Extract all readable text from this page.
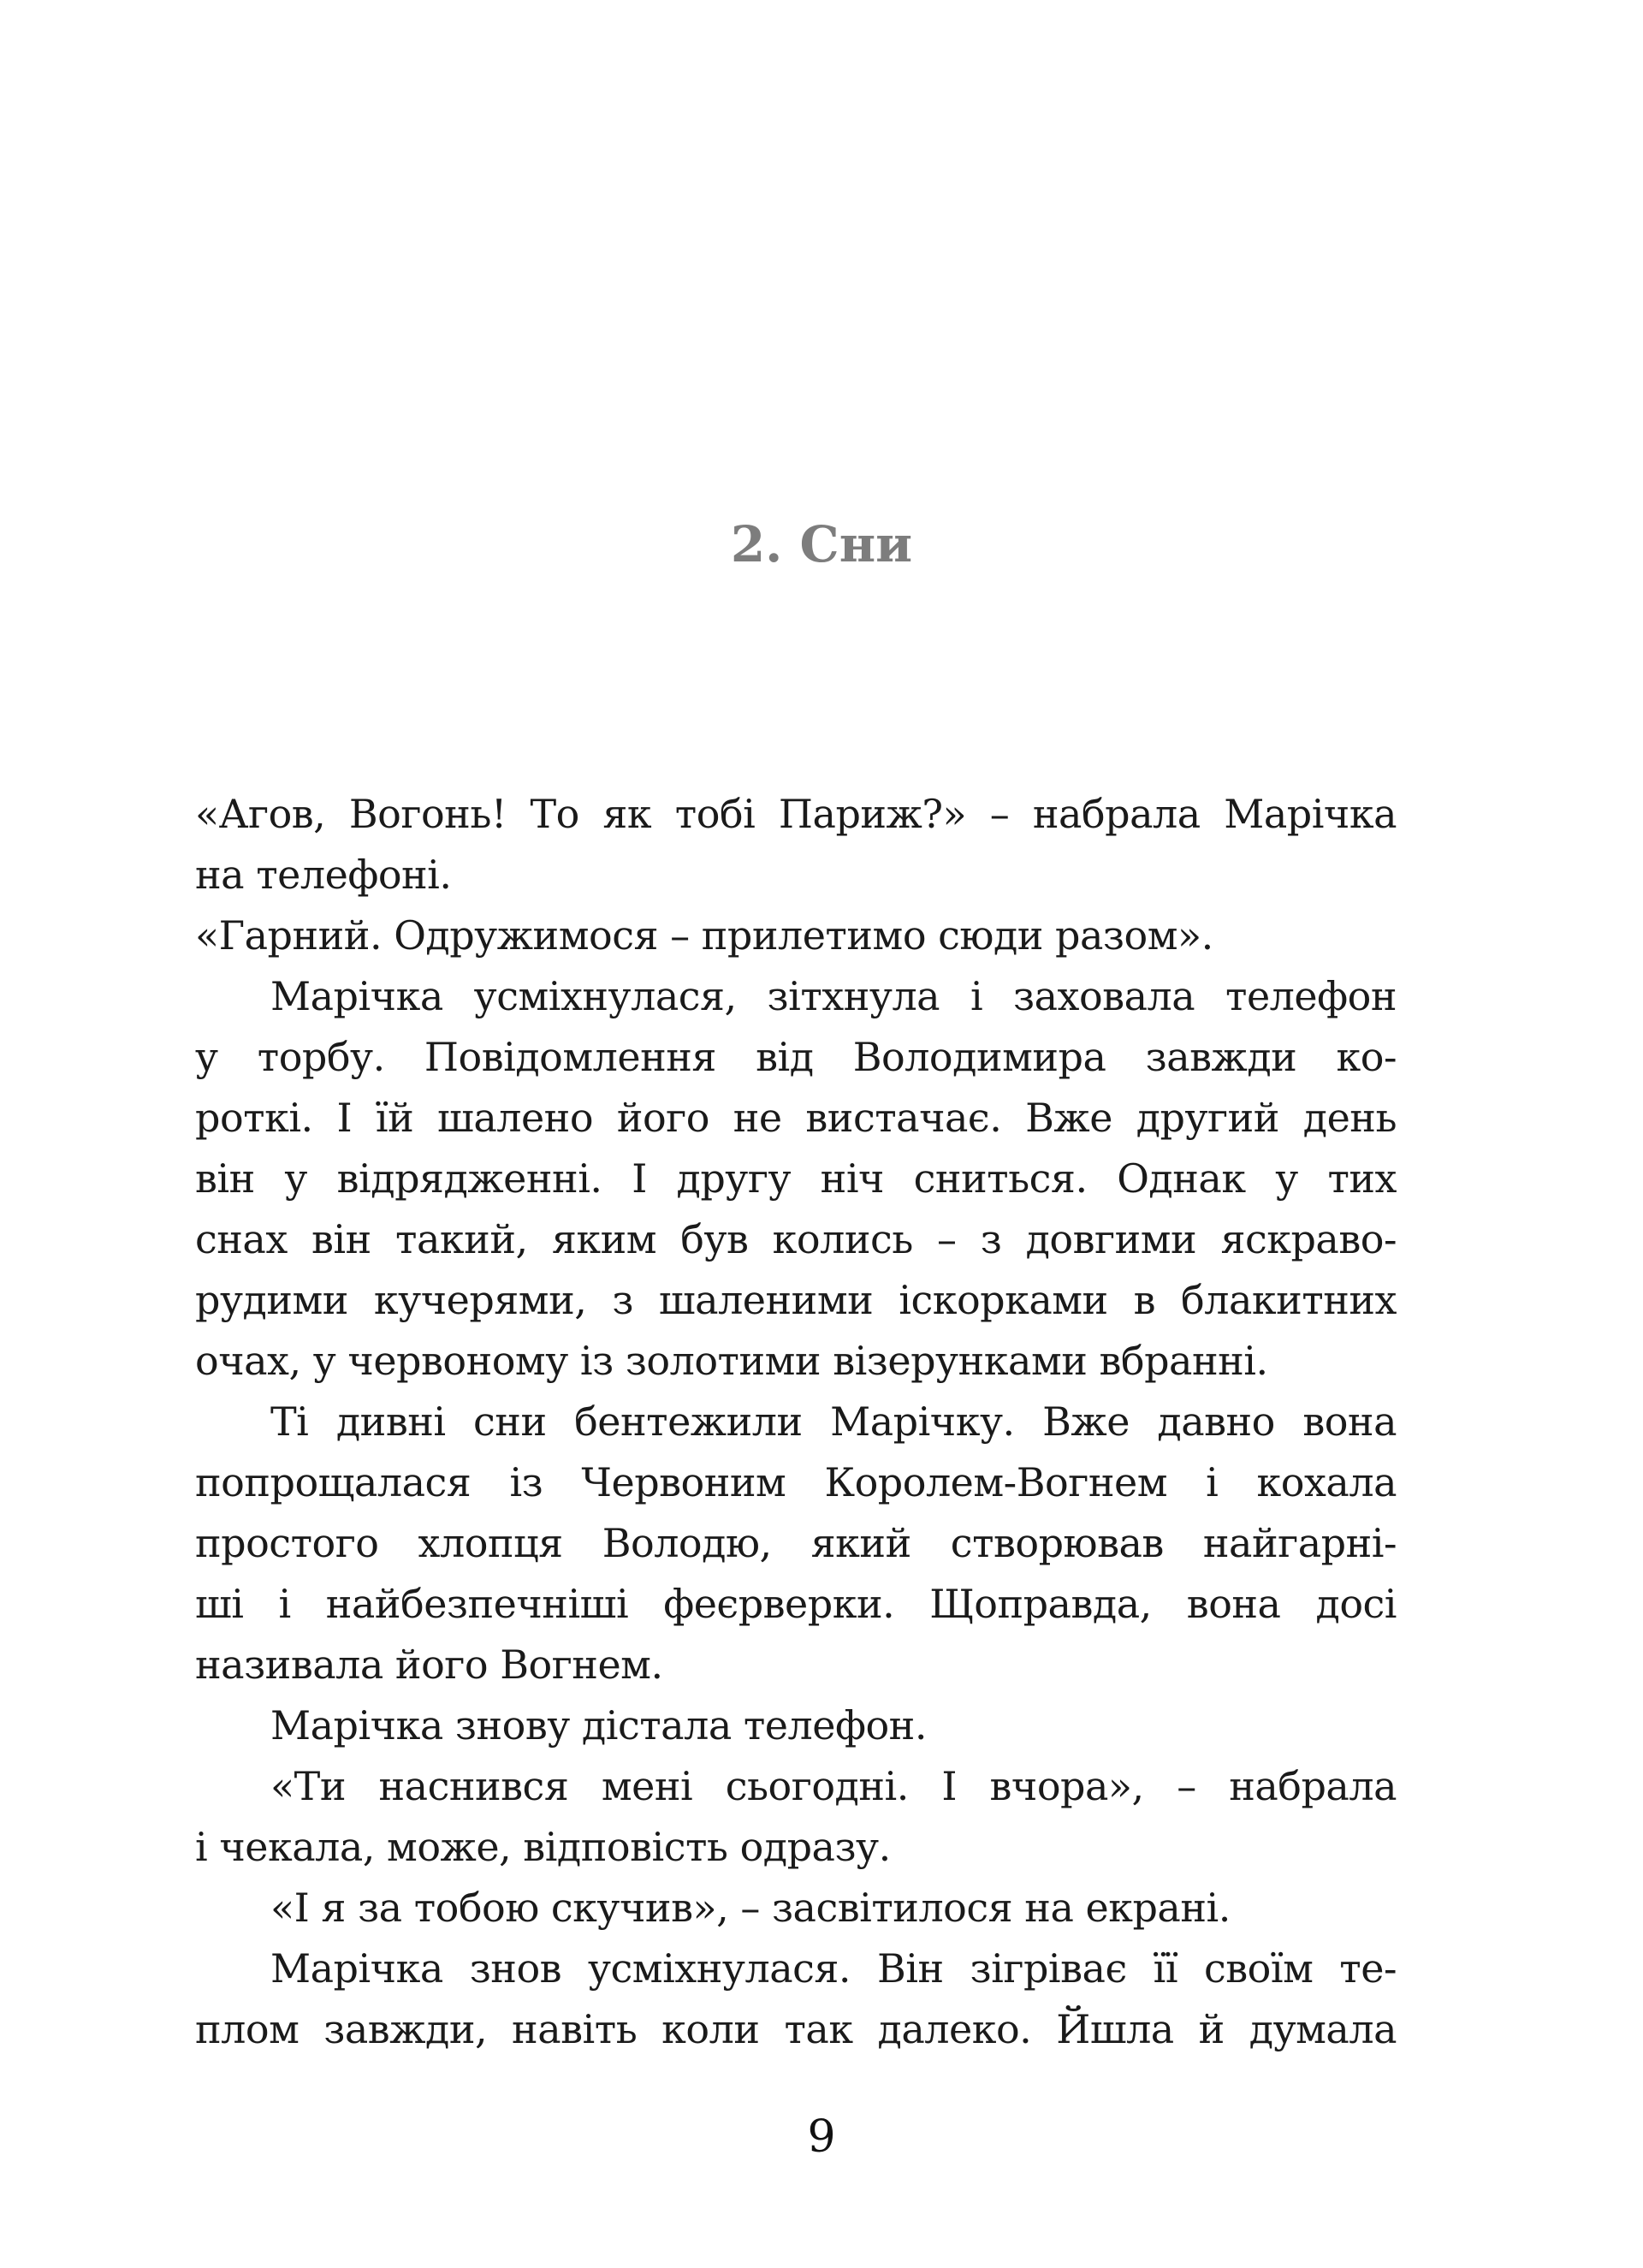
2. Сни
«Агов, Вогонь! То як тобі Париж?» – набрала Марічка
на телефоні.
«Гарний. Одружимося – прилетимо сюди разом».
Марічка усміхнулася, зітхнула і заховала телефон
у торбу. Повідомлення від Володимира завжди ко-
роткі. І їй шалено його не вистачає. Вже другий день
він у відрядженні. І другу ніч сниться. Однак у тих
снах він такий, яким був колись – з довгими яскраво-
рудими кучерями, з шаленими іскорками в блакитних
очах, у червоному із золотими візерунками вбранні.
Ті дивні сни бентежили Марічку. Вже давно вона
попрощалася із Червоним Королем-Вогнем і кохала
простого хлопця Володю, який створював найгарні-
ші і найбезпечніші феєрверки. Щоправда, вона досі
називала його Вогнем.
Марічка знову дістала телефон.
«Ти наснився мені сьогодні. І вчора», – набрала
і чекала, може, відповість одразу.
«І я за тобою скучив», – засвітилося на екрані.
Марічка знов усміхнулася. Він зігріває її своїм те-
плом завжди, навіть коли так далеко. Йшла й думала
9
